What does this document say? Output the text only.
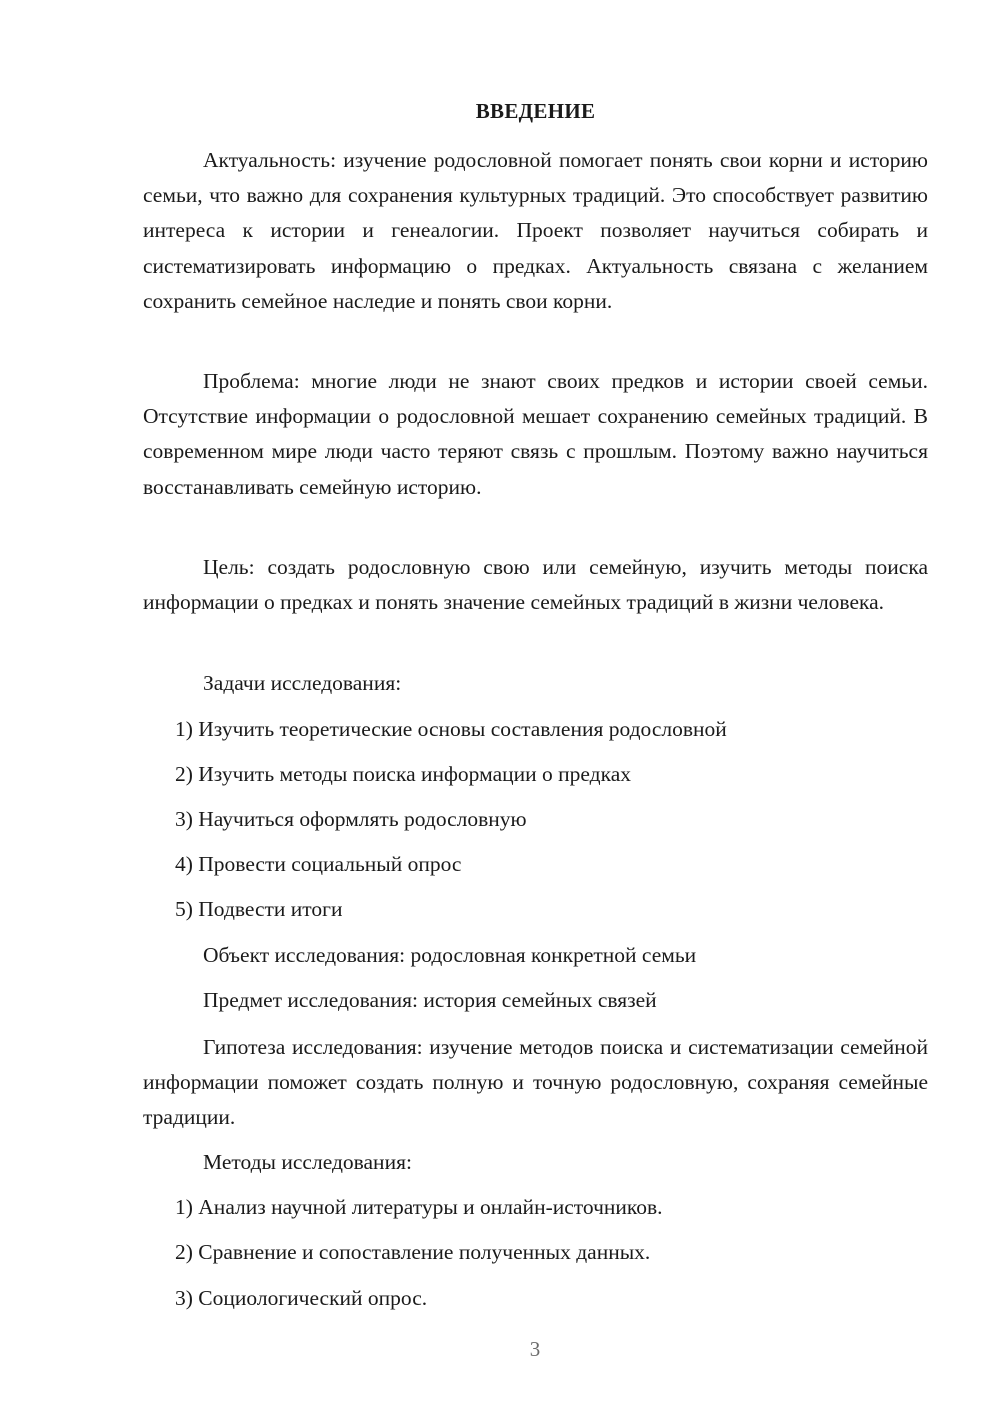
ВВЕДЕНИЕ

Актуальность: изучение родословной помогает понять свои корни и историю семьи, что важно для сохранения культурных традиций. Это способствует развитию интереса к истории и генеалогии. Проект позволяет научиться собирать и систематизировать информацию о предках. Актуальность связана с желанием сохранить семейное наследие и понять свои корни.

Проблема: многие люди не знают своих предков и истории своей семьи. Отсутствие информации о родословной мешает сохранению семейных традиций. В современном мире люди часто теряют связь с прошлым. Поэтому важно научиться восстанавливать семейную историю.

Цель: создать родословную свою или семейную, изучить методы поиска информации о предках и понять значение семейных традиций в жизни человека.

Задачи исследования:

1) Изучить теоретические основы составления родословной

2) Изучить методы поиска информации о предках

3) Научиться оформлять родословную

4) Провести социальный опрос

5) Подвести итоги

Объект исследования: родословная конкретной семьи

Предмет исследования: история семейных связей

Гипотеза исследования: изучение методов поиска и систематизации семейной информации поможет создать полную и точную родословную, сохраняя семейные традиции.

Методы исследования:

1) Анализ научной литературы и онлайн-источников.

2) Сравнение и сопоставление полученных данных.

3) Социологический опрос.

3
